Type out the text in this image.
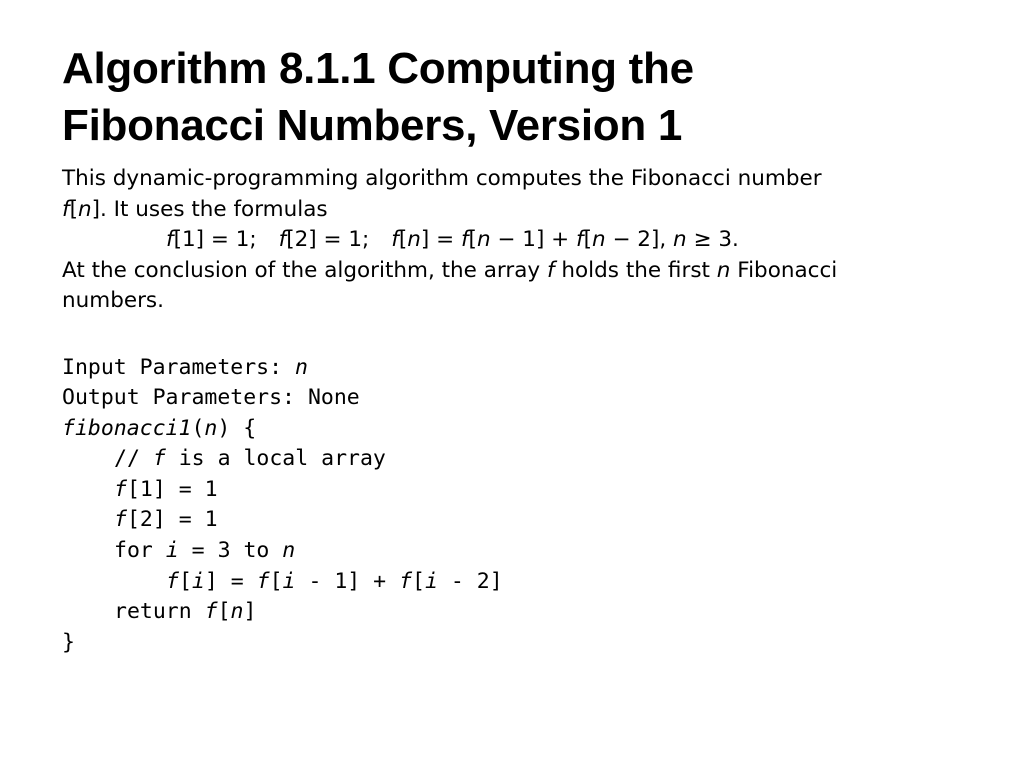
Algorithm 8.1.1 Computing the
Fibonacci Numbers, Version 1
This dynamic-programming algorithm computes the Fibonacci number
f[n]. It uses the formulas
f[1] = 1; f[2] = 1; f[n] = f[n − 1] + f[n − 2], n ≥ 3.
At the conclusion of the algorithm, the array f holds the first n Fibonacci
numbers.
Input Parameters: n
Output Parameters: None
fibonacci1(n) {
// f is a local array
f[1] = 1
f[2] = 1
for i = 3 to n
f[i] = f[i - 1] + f[i - 2]
return f[n]
}
